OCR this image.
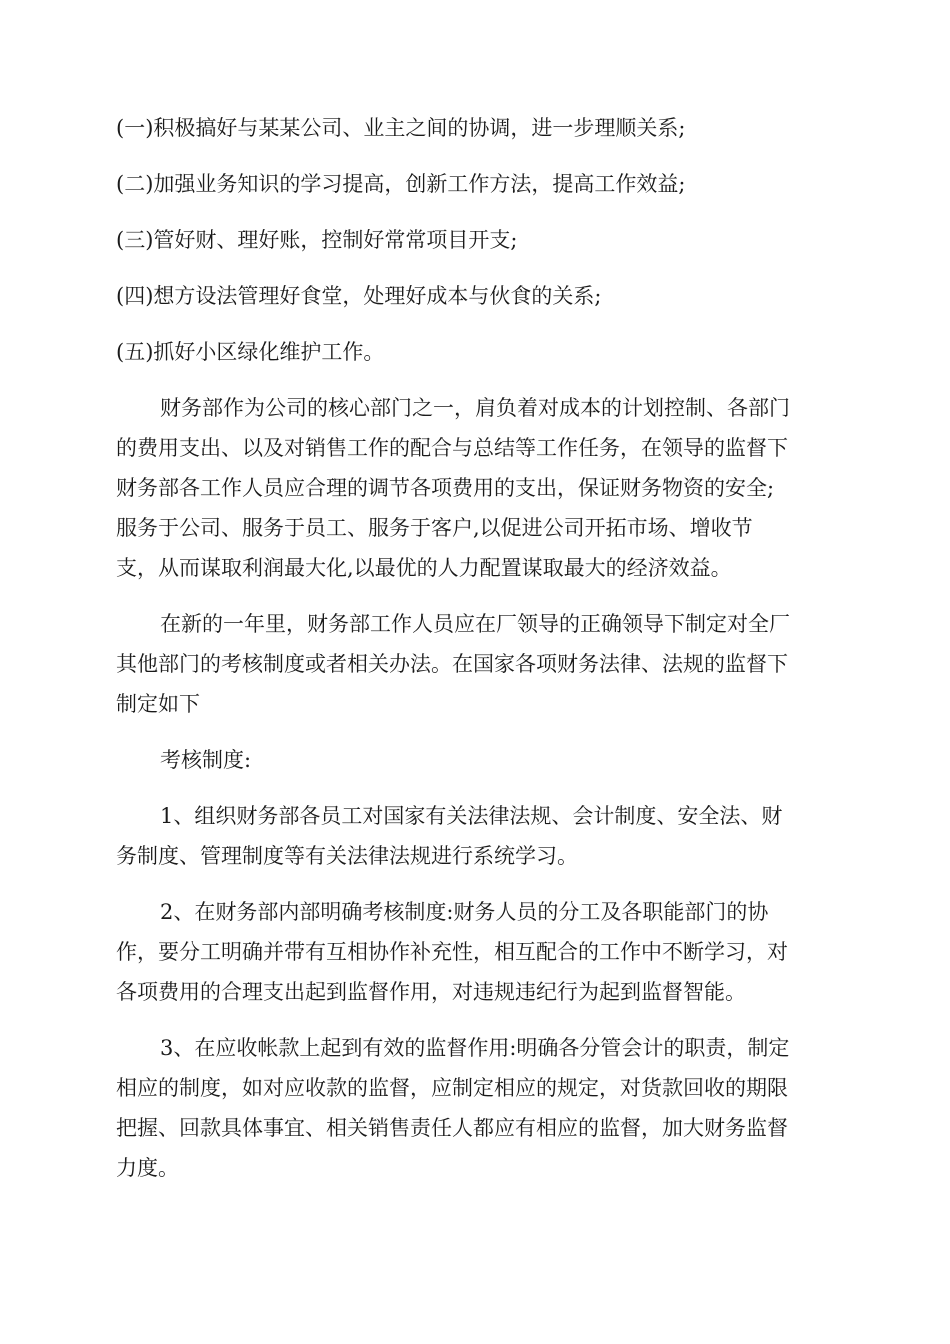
(一)积极搞好与某某公司、业主之间的协调，进一步理顺关系;

(二)加强业务知识的学习提高，创新工作方法，提高工作效益;

(三)管好财、理好账，控制好常常项目开支;

(四)想方设法管理好食堂，处理好成本与伙食的关系;

(五)抓好小区绿化维护工作。

财务部作为公司的核心部门之一，肩负着对成本的计划控制、各部门

的费用支出、以及对销售工作的配合与总结等工作任务，在领导的监督下

财务部各工作人员应合理的调节各项费用的支出，保证财务物资的安全;

服务于公司、服务于员工、服务于客户,以促进公司开拓市场、增收节

支，从而谋取利润最大化,以最优的人力配置谋取最大的经济效益。

在新的一年里，财务部工作人员应在厂领导的正确领导下制定对全厂

其他部门的考核制度或者相关办法。在国家各项财务法律、法规的监督下

制定如下

考核制度:

1、组织财务部各员工对国家有关法律法规、会计制度、安全法、财

务制度、管理制度等有关法律法规进行系统学习。

2、在财务部内部明确考核制度:财务人员的分工及各职能部门的协

作，要分工明确并带有互相协作补充性，相互配合的工作中不断学习，对

各项费用的合理支出起到监督作用，对违规违纪行为起到监督智能。

3、在应收帐款上起到有效的监督作用:明确各分管会计的职责，制定

相应的制度，如对应收款的监督，应制定相应的规定，对货款回收的期限

把握、回款具体事宜、相关销售责任人都应有相应的监督，加大财务监督

力度。
